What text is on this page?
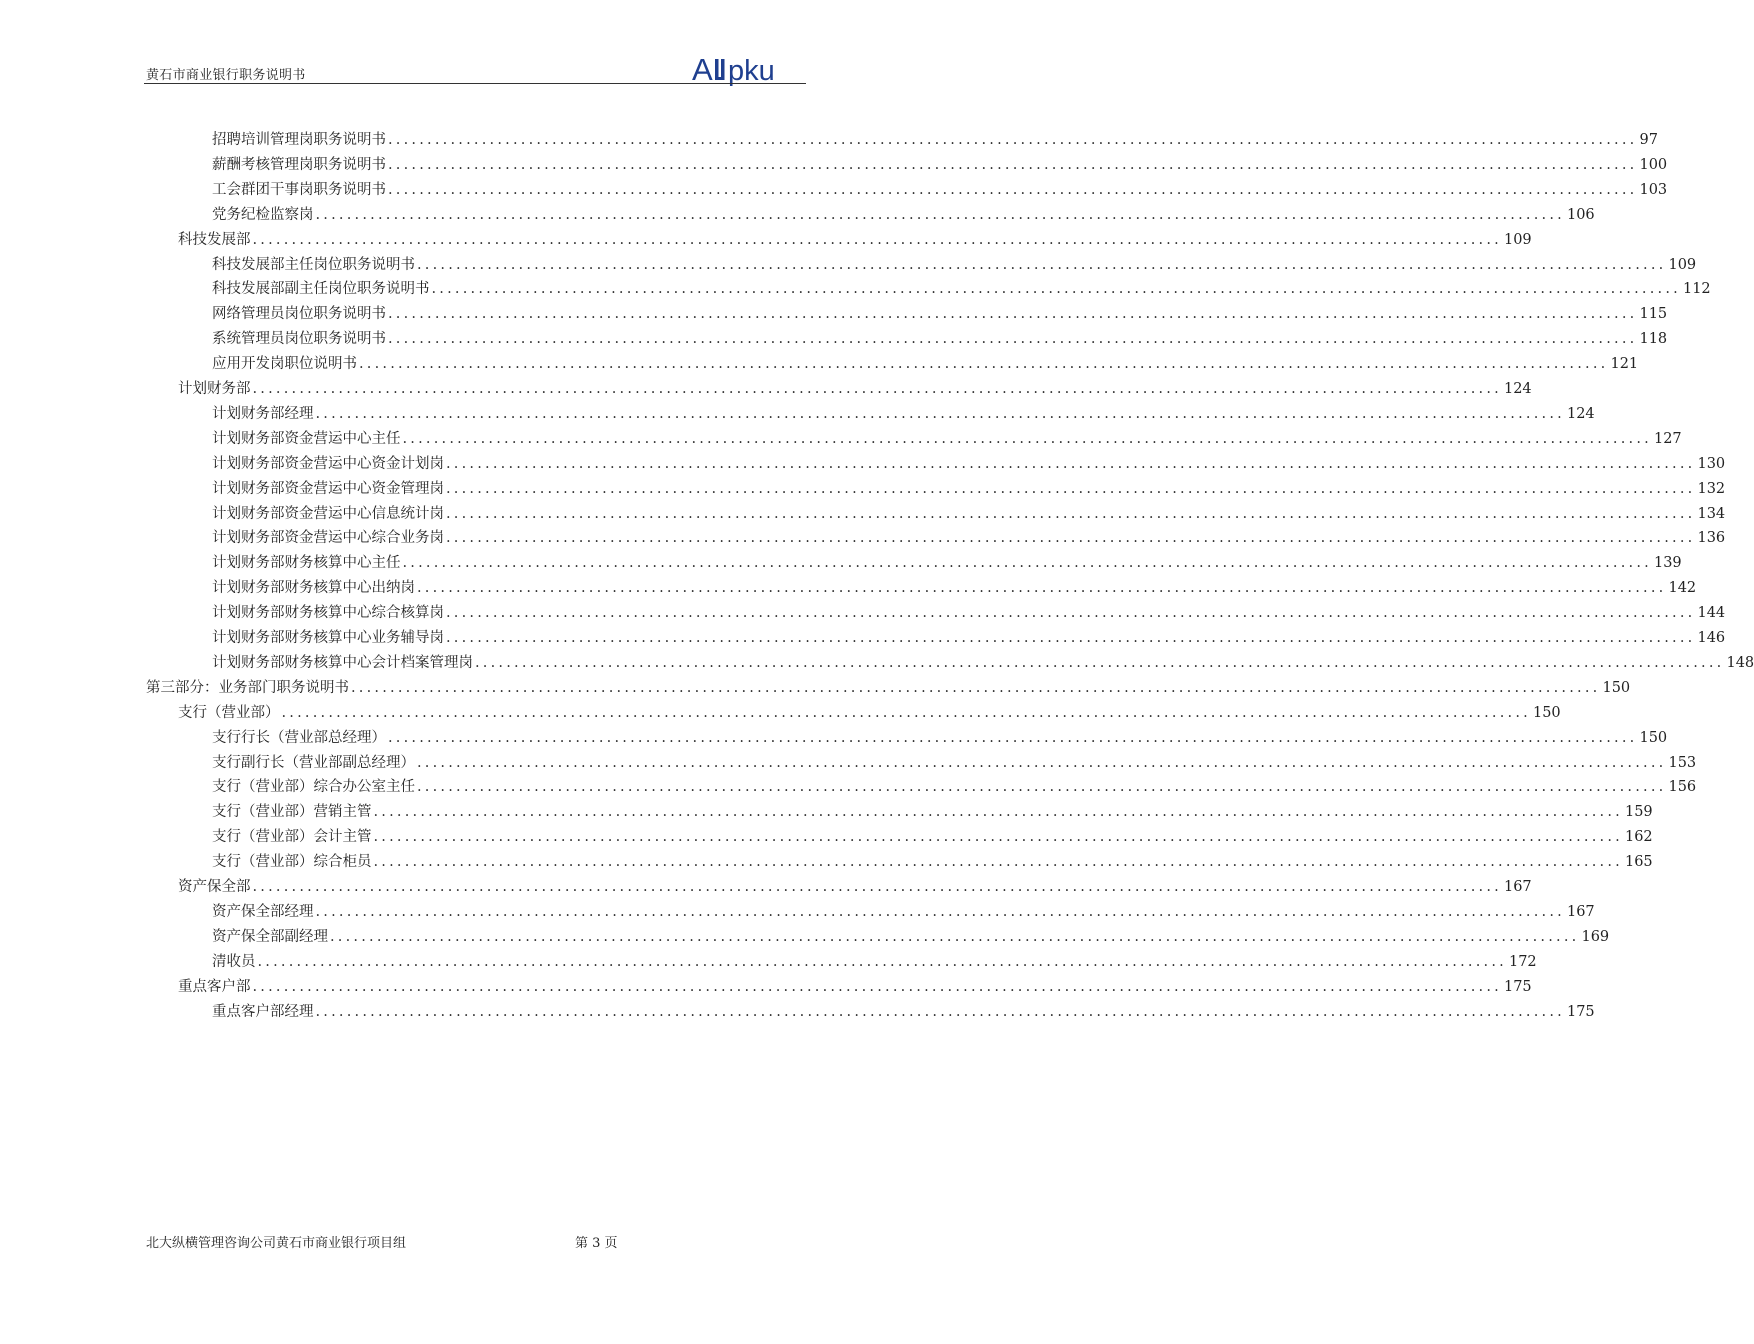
黄石市商业银行职务说明书	A pku
招聘培训管理岗职务说明书 ................................................................................................................................................................ 97
薪酬考核管理岗职务说明书 ................................................................................................................................................................ 100
工会群团干事岗职务说明书 ................................................................................................................................................................ 103
党务纪检监察岗 ................................................................................................................................................................ 106
科技发展部 ................................................................................................................................................................ 109
科技发展部主任岗位职务说明书 ................................................................................................................................................................ 109
科技发展部副主任岗位职务说明书 ................................................................................................................................................................ 112
网络管理员岗位职务说明书 ................................................................................................................................................................ 115
系统管理员岗位职务说明书 ................................................................................................................................................................ 118
应用开发岗职位说明书 ................................................................................................................................................................ 121
计划财务部 ................................................................................................................................................................ 124
计划财务部经理 ................................................................................................................................................................ 124
计划财务部资金营运中心主任 ................................................................................................................................................................ 127
计划财务部资金营运中心资金计划岗 ................................................................................................................................................................ 130
计划财务部资金营运中心资金管理岗 ................................................................................................................................................................ 132
计划财务部资金营运中心信息统计岗 ................................................................................................................................................................ 134
计划财务部资金营运中心综合业务岗 ................................................................................................................................................................ 136
计划财务部财务核算中心主任 ................................................................................................................................................................ 139
计划财务部财务核算中心出纳岗 ................................................................................................................................................................ 142
计划财务部财务核算中心综合核算岗 ................................................................................................................................................................ 144
计划财务部财务核算中心业务辅导岗 ................................................................................................................................................................ 146
计划财务部财务核算中心会计档案管理岗 ................................................................................................................................................................ 148
第三部分：业务部门职务说明书 ................................................................................................................................................................ 150
支行（营业部） ................................................................................................................................................................ 150
支行行长（营业部总经理） ................................................................................................................................................................ 150
支行副行长（营业部副总经理） ................................................................................................................................................................ 153
支行（营业部）综合办公室主任 ................................................................................................................................................................ 156
支行（营业部）营销主管 ................................................................................................................................................................ 159
支行（营业部）会计主管 ................................................................................................................................................................ 162
支行（营业部）综合柜员 ................................................................................................................................................................ 165
资产保全部 ................................................................................................................................................................ 167
资产保全部经理 ................................................................................................................................................................ 167
资产保全部副经理 ................................................................................................................................................................ 169
清收员 ................................................................................................................................................................ 172
重点客户部 ................................................................................................................................................................ 175
重点客户部经理 ................................................................................................................................................................ 175
北大纵横管理咨询公司黄石市商业银行项目组	第 3 页
